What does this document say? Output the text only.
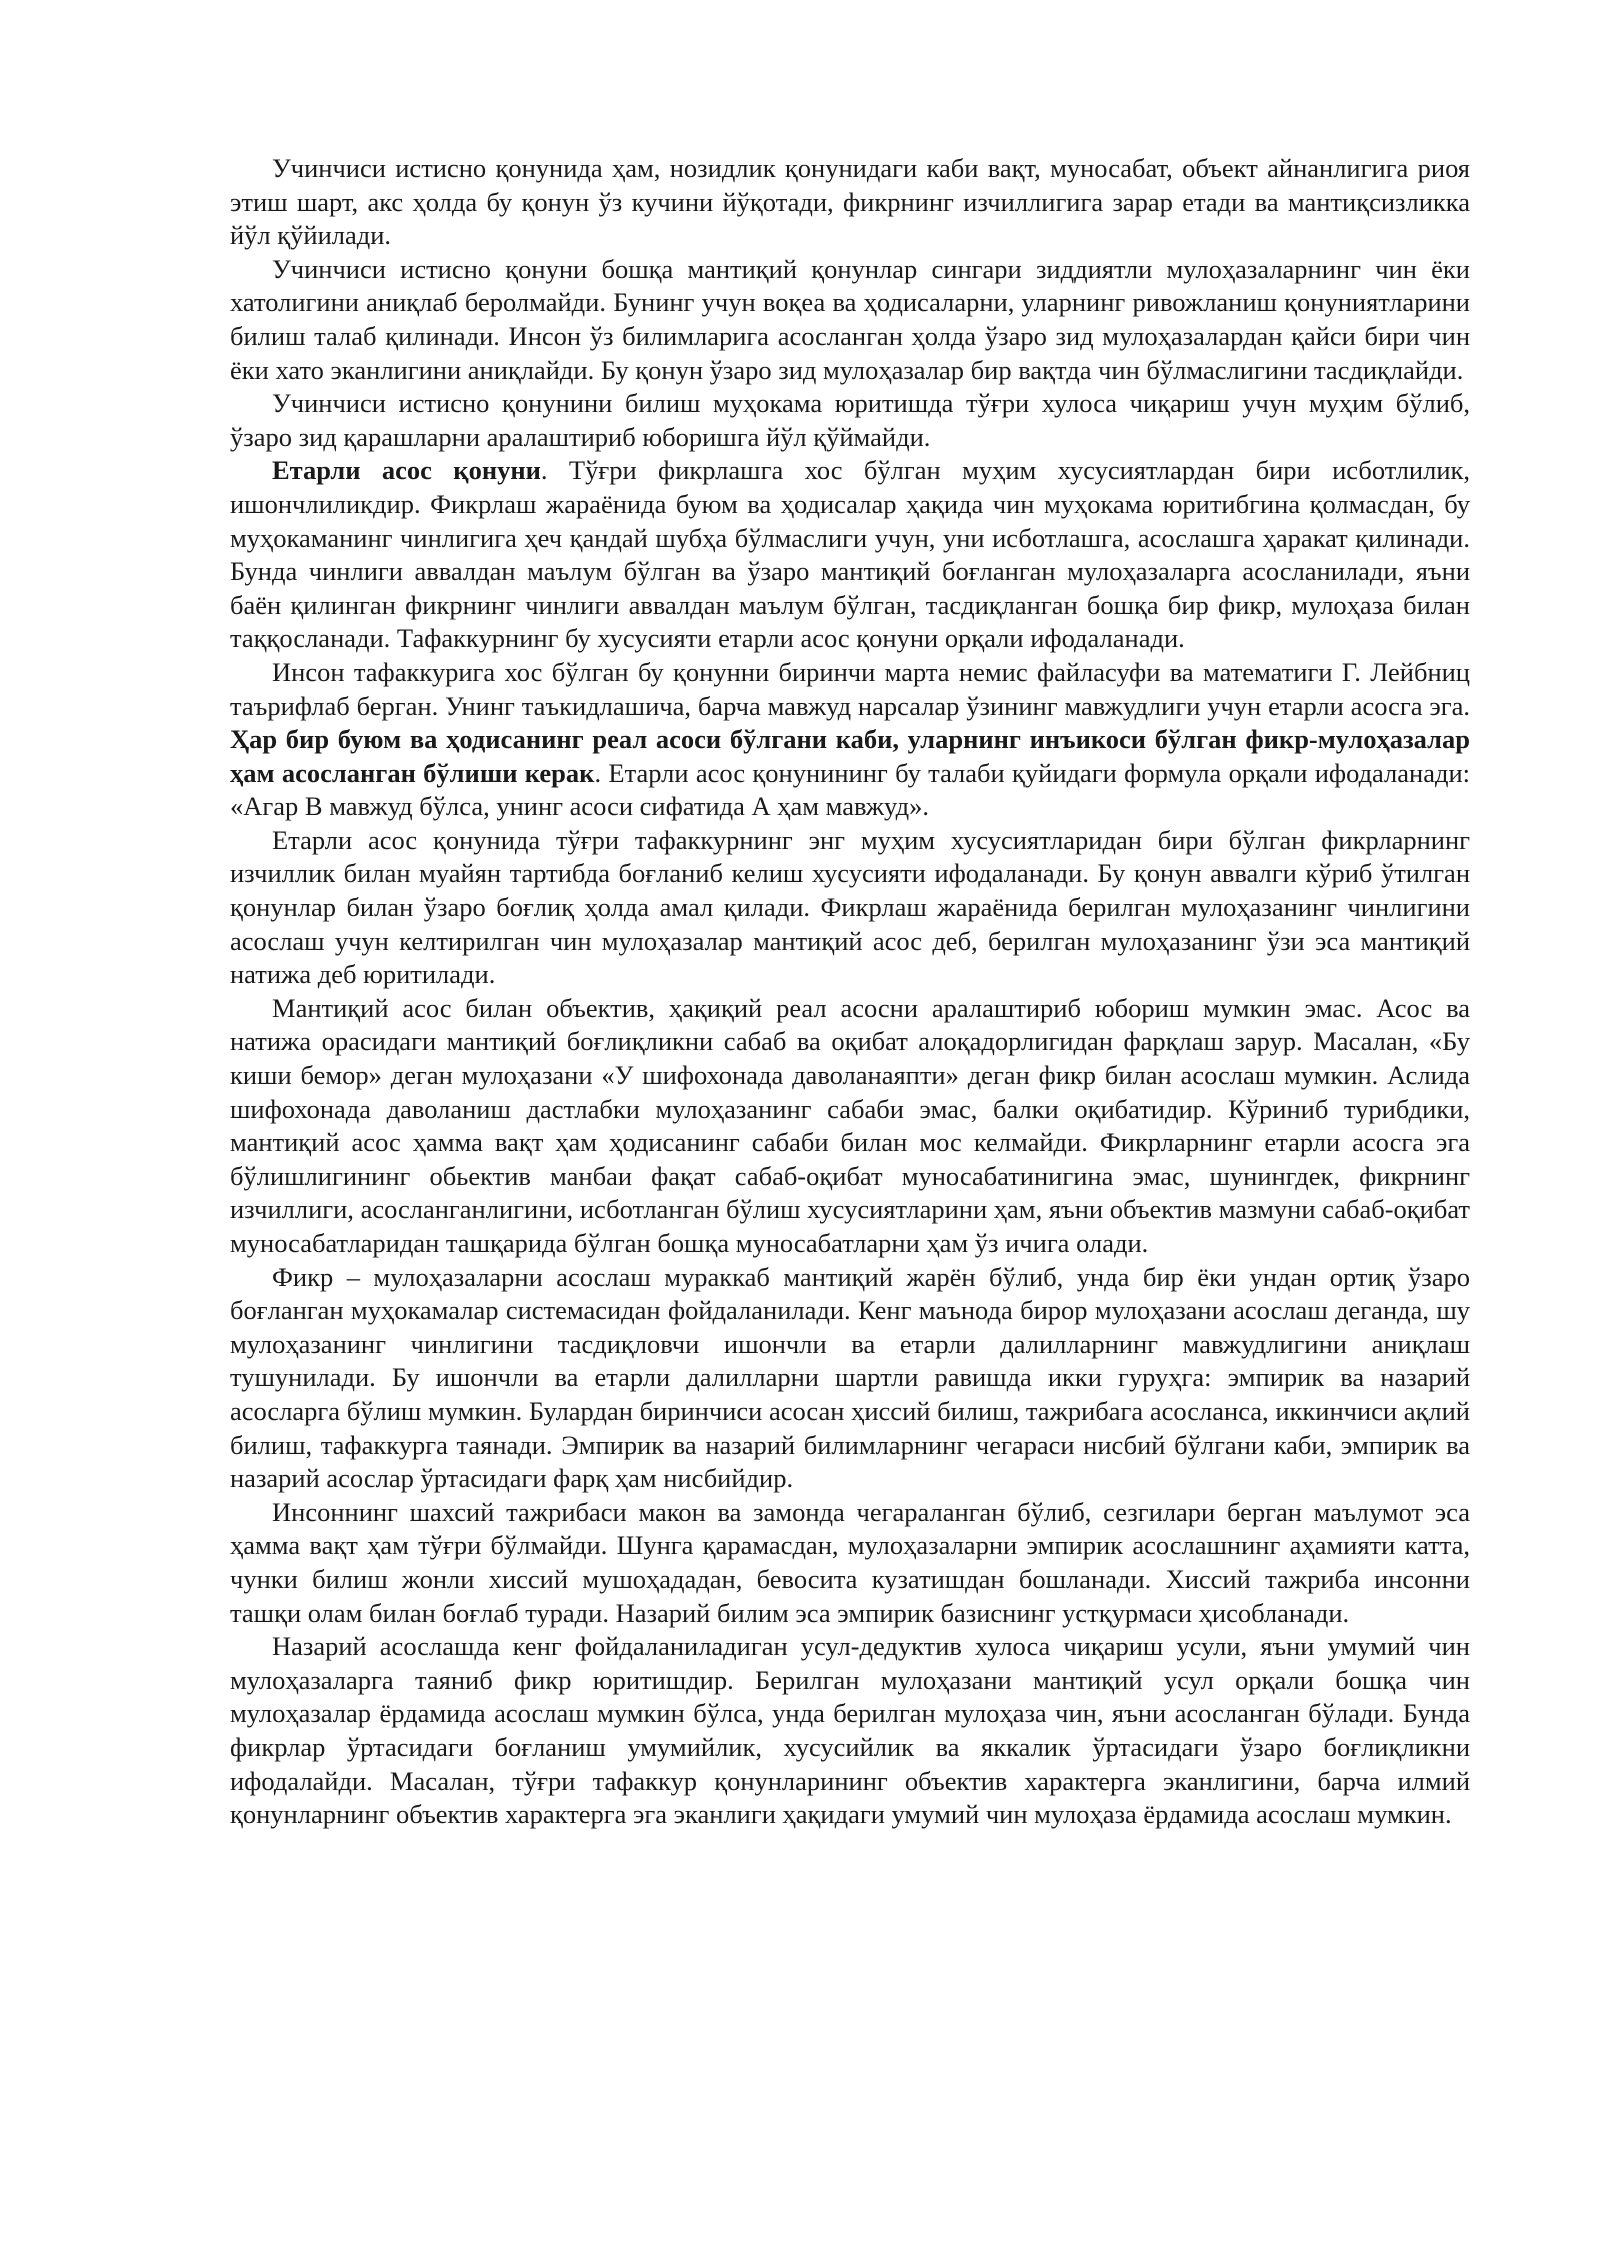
Учинчиси истисно қонунида ҳам, нозидлик қонунидаги каби вақт, муносабат, объект айнанлигига риоя этиш шарт, акс ҳолда бу қонун ўз кучини йўқотади, фикрнинг изчиллигига зарар етади ва мантиқсизликка йўл қўйилади.

Учинчиси истисно қонуни бошқа мантиқий қонунлар сингари зиддиятли мулоҳазаларнинг чин ёки хатолигини аниқлаб беролмайди. Бунинг учун воқеа ва ҳодисаларни, уларнинг ривожланиш қонуниятларини билиш талаб қилинади. Инсон ўз билимларига асосланган ҳолда ўзаро зид мулоҳазалардан қайси бири чин ёки хато эканлигини аниқлайди. Бу қонун ўзаро зид мулоҳазалар бир вақтда чин бўлмаслигини тасдиқлайди.

Учинчиси истисно қонунини билиш муҳокама юритишда тўғри хулоса чиқариш учун муҳим бўлиб, ўзаро зид қарашларни аралаштириб юборишга йўл қўймайди.

Етарли асос қонуни. Тўғри фикрлашга хос бўлган муҳим хусусиятлардан бири исботлилик, ишончлиликдир. Фикрлаш жараёнида буюм ва ҳодисалар ҳақида чин муҳокама юритибгина қолмасдан, бу муҳокаманинг чинлигига ҳеч қандай шубҳа бўлмаслиги учун, уни исботлашга, асослашга ҳаракат қилинади. Бунда чинлиги аввалдан маълум бўлган ва ўзаро мантиқий боғланган мулоҳазаларга асосланилади, яъни баён қилинган фикрнинг чинлиги аввалдан маълум бўлган, тасдиқланган бошқа бир фикр, мулоҳаза билан таққосланади. Тафаккурнинг бу хусусияти етарли асос қонуни орқали ифодаланади.

Инсон тафаккурига хос бўлган бу қонунни биринчи марта немис файласуфи ва математиги Г. Лейбниц таърифлаб берган. Унинг таъкидлашича, барча мавжуд нарсалар ўзининг мавжудлиги учун етарли асосга эга. Ҳар бир буюм ва ҳодисанинг реал асоси бўлгани каби, уларнинг инъикоси бўлган фикр-мулоҳазалар ҳам асосланган бўлиши керак. Етарли асос қонунининг бу талаби қуйидаги формула орқали ифодаланади: «Агар В мавжуд бўлса, унинг асоси сифатида А ҳам мавжуд».

Етарли асос қонунида тўғри тафаккурнинг энг муҳим хусусиятларидан бири бўлган фикрларнинг изчиллик билан муайян тартибда боғланиб келиш хусусияти ифодаланади. Бу қонун аввалги кўриб ўтилган қонунлар билан ўзаро боғлиқ ҳолда амал қилади. Фикрлаш жараёнида берилган мулоҳазанинг чинлигини асослаш учун келтирилган чин мулоҳазалар мантиқий асос деб, берилган мулоҳазанинг ўзи эса мантиқий натижа деб юритилади.

Мантиқий асос билан объектив, ҳақиқий реал асосни аралаштириб юбориш мумкин эмас. Асос ва натижа орасидаги мантиқий боғлиқликни сабаб ва оқибат алоқадорлигидан фарқлаш зарур. Масалан, «Бу киши бемор» деган мулоҳазани «У шифохонада даволанаяпти» деган фикр билан асослаш мумкин. Аслида шифохонада даволаниш дастлабки мулоҳазанинг сабаби эмас, балки оқибатидир. Кўриниб турибдики, мантиқий асос ҳамма вақт ҳам ҳодисанинг сабаби билан мос келмайди. Фикрларнинг етарли асосга эга бўлишлигининг обьектив манбаи фақат сабаб-оқибат муносабатинигина эмас, шунингдек, фикрнинг изчиллиги, асосланганлигини, исботланган бўлиш хусусиятларини ҳам, яъни объектив мазмуни сабаб-оқибат муносабатларидан ташқарида бўлган бошқа муносабатларни ҳам ўз ичига олади.

Фикр – мулоҳазаларни асослаш мураккаб мантиқий жарён бўлиб, унда бир ёки ундан ортиқ ўзаро боғланган муҳокамалар системасидан фойдаланилади. Кенг маънода бирор мулоҳазани асослаш деганда, шу мулоҳазанинг чинлигини тасдиқловчи ишончли ва етарли далилларнинг мавжудлигини аниқлаш тушунилади. Бу ишончли ва етарли далилларни шартли равишда икки гуруҳга: эмпирик ва назарий асосларга бўлиш мумкин. Булардан биринчиси асосан ҳиссий билиш, тажрибага асосланса, иккинчиси ақлий билиш, тафаккурга таянади. Эмпирик ва назарий билимларнинг чегараси нисбий бўлгани каби, эмпирик ва назарий асослар ўртасидаги фарқ ҳам нисбийдир.

Инсоннинг шахсий тажрибаси макон ва замонда чегараланган бўлиб, сезгилари берган маълумот эса ҳамма вақт ҳам тўғри бўлмайди. Шунга қарамасдан, мулоҳазаларни эмпирик асослашнинг аҳамияти катта, чунки билиш жонли хиссий мушоҳададан, бевосита кузатишдан бошланади. Хиссий тажриба инсонни ташқи олам билан боғлаб туради. Назарий билим эса эмпирик базиснинг устқурмаси ҳисобланади.

Назарий асослашда кенг фойдаланиладиган усул-дедуктив хулоса чиқариш усули, яъни умумий чин мулоҳазаларга таяниб фикр юритишдир. Берилган мулоҳазани мантиқий усул орқали бошқа чин мулоҳазалар ёрдамида асослаш мумкин бўлса, унда берилган мулоҳаза чин, яъни асосланган бўлади. Бунда фикрлар ўртасидаги боғланиш умумийлик, хусусийлик ва яккалик ўртасидаги ўзаро боғлиқликни ифодалайди. Масалан, тўғри тафаккур қонунларининг объектив характерга эканлигини, барча илмий қонунларнинг объектив характерга эга эканлиги ҳақидаги умумий чин мулоҳаза ёрдамида асослаш мумкин.
